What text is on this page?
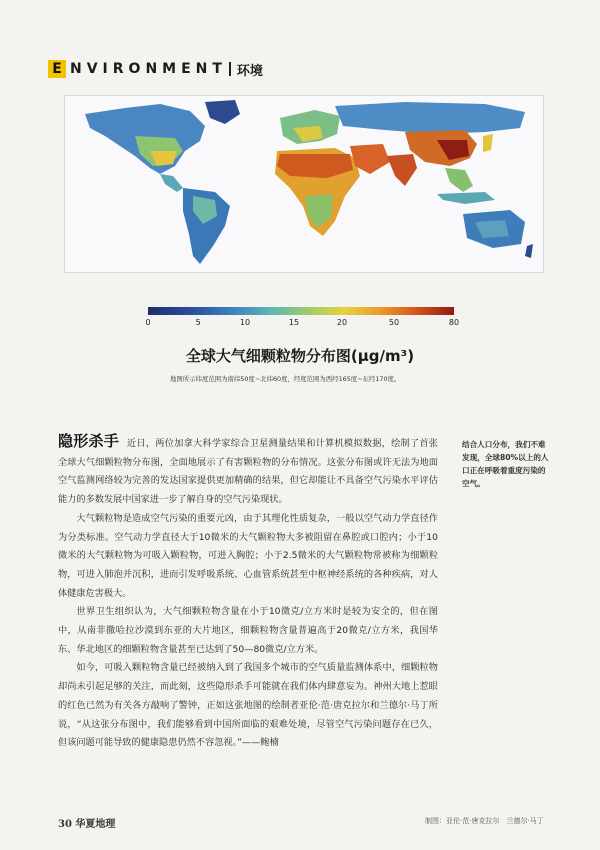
E NVIRONMENT 环境
0	5	10	15	20	50	80
全球大气细颗粒物分布图(μg/m³)
地图所示纬度范围为南纬50度~北纬60度，经度范围为西经165度~东经170度。

隐形杀手 近日，两位加拿大科学家综合卫星测量结果和计算机模拟数据，绘制了首张全球大气细颗粒物分布图，全面地展示了有害颗粒物的分布情况。这张分布图或许无法为地面空气监测网络较为完善的发达国家提供更加精确的结果，但它却能让不具备空气污染水平评估能力的多数发展中国家进一步了解自身的空气污染现状。

大气颗粒物是造成空气污染的重要元凶，由于其理化性质复杂，一般以空气动力学直径作为分类标准。空气动力学直径大于10微米的大气颗粒物大多被阻留在鼻腔或口腔内；小于10微米的大气颗粒物为可吸入颗粒物，可进入胸腔；小于2.5微米的大气颗粒物常被称为细颗粒物，可进入肺泡并沉积，进而引发呼吸系统、心血管系统甚至中枢神经系统的各种疾病，对人体健康危害极大。

世界卫生组织认为，大气细颗粒物含量在小于10微克/立方米时是较为安全的，但在图中，从南非撒哈拉沙漠到东亚的大片地区，细颗粒物含量普遍高于20微克/立方米，我国华东、华北地区的细颗粒物含量甚至已达到了50—80微克/立方米。

如今，可吸入颗粒物含量已经被纳入到了我国多个城市的空气质量监测体系中，细颗粒物却尚未引起足够的关注，而此刻，这些隐形杀手可能就在我们体内肆意妄为。神州大地上惹眼的红色已然为有关各方敲响了警钟，正如这张地图的绘制者亚伦·范·唐克拉尔和兰德尔·马丁所说，“从这张分布图中，我们能够看到中国所面临的艰难处境，尽管空气污染问题存在已久，但该问题可能导致的健康隐患仍然不容忽视。”——鲍楠

结合人口分布，我们不难发现，全球80%以上的人口正在呼吸着重度污染的空气。
30 华夏地理	制图：亚伦·范·唐克拉尔　兰德尔·马丁
